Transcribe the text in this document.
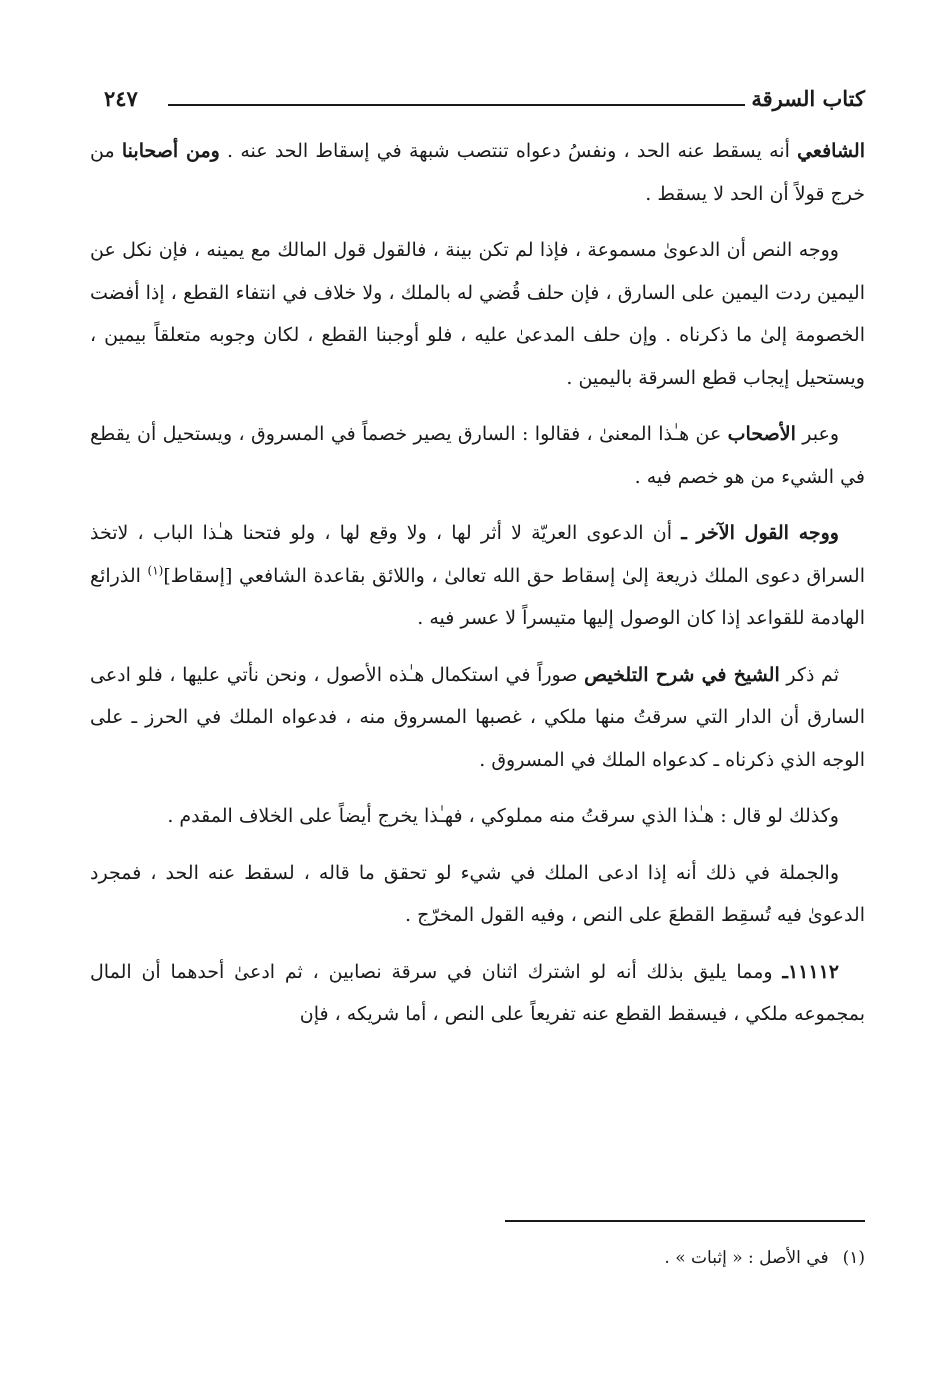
كتاب السرقة
٢٤٧

الشافعي أنه يسقط عنه الحد ، ونفسُ دعواه تنتصب شبهة في إسقاط الحد عنه . ومن أصحابنا من خرج قولاً أن الحد لا يسقط .

ووجه النص أن الدعوىٰ مسموعة ، فإذا لم تكن بينة ، فالقول قول المالك مع يمينه ، فإن نكل عن اليمين ردت اليمين على السارق ، فإن حلف قُضي له بالملك ، ولا خلاف في انتفاء القطع ، إذا أفضت الخصومة إلىٰ ما ذكرناه . وإن حلف المدعىٰ عليه ، فلو أوجبنا القطع ، لكان وجوبه متعلقاً بيمين ، ويستحيل إيجاب قطع السرقة باليمين .

وعبر الأصحاب عن هـٰذا المعنىٰ ، فقالوا : السارق يصير خصماً في المسروق ، ويستحيل أن يقطع في الشيء من هو خصم فيه .

ووجه القول الآخر ـ أن الدعوى العريّة لا أثر لها ، ولا وقع لها ، ولو فتحنا هـٰذا الباب ، لاتخذ السراق دعوى الملك ذريعة إلىٰ إسقاط حق الله تعالىٰ ، واللائق بقاعدة الشافعي [إسقاط]$^{(١)}$ الذرائع الهادمة للقواعد إذا كان الوصول إليها متيسراً لا عسر فيه .

ثم ذكر الشيخ في شرح التلخيص صوراً في استكمال هـٰذه الأصول ، ونحن نأتي عليها ، فلو ادعى السارق أن الدار التي سرقتُ منها ملكي ، غصبها المسروق منه ، فدعواه الملك في الحرز ـ على الوجه الذي ذكرناه ـ كدعواه الملك في المسروق .

وكذلك لو قال : هـٰذا الذي سرقتُ منه مملوكي ، فهـٰذا يخرج أيضاً على الخلاف المقدم .

والجملة في ذلك أنه إذا ادعى الملك في شيء لو تحقق ما قاله ، لسقط عنه الحد ، فمجرد الدعوىٰ فيه تُسقِط القطعَ على النص ، وفيه القول المخرّج .

١١١١٢ـ ومما يليق بذلك أنه لو اشترك اثنان في سرقة نصابين ، ثم ادعىٰ أحدهما أن المال بمجموعه ملكي ، فيسقط القطع عنه تفريعاً على النص ، أما شريكه ، فإن

(١)في الأصل : « إثبات » .
